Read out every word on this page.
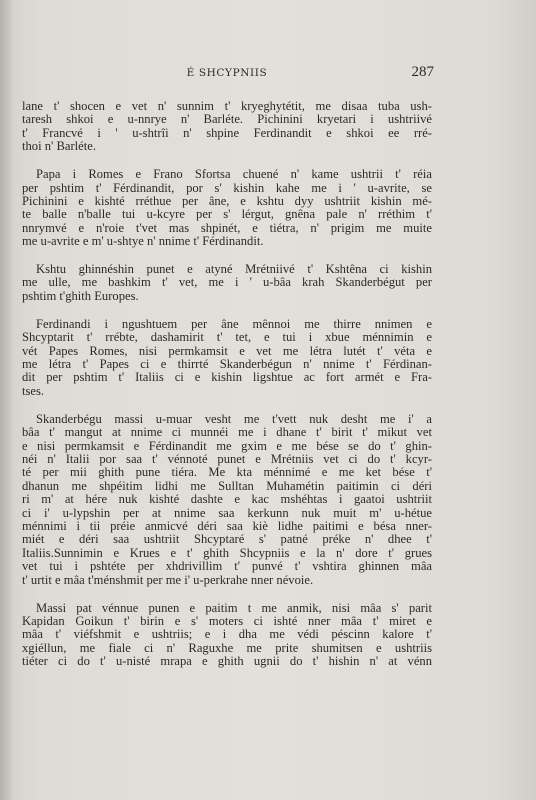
É SHCYPNIIS	287
lane t' shocen e vet n' sunnim t' kryeghytétit, me disaa tuba ush-
taresh shkoi e u-nnrye n' Barléte. Pichinini kryetari i ushtriivé
t' Francvé i ' u-shtrîi n' shpine Ferdinandit e shkoi ee rré-
thoi n' Barléte.
Papa i Romes e Frano Sfortsa chuené n' kame ushtrii t' réia
per pshtim t' Férdinandit, por s' kishin kahe me i ' u-avrite, se
Pichinini e kishté rréthue per âne, e kshtu dyy ushtriit kishin mé-
te balle n'balle tui u-kcyre per s' lérgut, gnêna pale n' rréthim t'
nnrymvé e n'roie t'vet mas shpinét, e tiétra, n' prigim me muite
me u-avrite e m' u-shtye n' nnime t' Férdinandit.
Kshtu ghinnéshin punet e atyné Mrétniivé t' Kshtêna ci kishin
me ulle, me bashkim t' vet, me i ' u-bâa krah Skanderbégut per
pshtim t'ghith Europes.
Ferdinandi i ngushtuem per âne mênnoi me thirre nnimen e
Shcyptarit t' rrébte, dashamirit t' tet, e tui i xbue ménnimin e
vét Papes Romes, nisi permkamsit e vet me létra lutét t' véta e
me létra t' Papes ci e thirrté Skanderbégun n' nnime t' Férdinan-
dit per pshtim t' Italiis ci e kishin ligshtue ac fort armét e Fra-
tses.
Skanderbégu massi u-muar vesht me t'vett nuk desht me i' a
bâa t' mangut at nnime ci munnéi me i dhane t' birit t' mikut vet
e nisi permkamsit e Férdinandit me gxim e me bése se do t' ghin-
néi n' Italii por saa t' vénnoté punet e Mrétniis vet ci do t' kcyr-
té per mii ghith pune tiéra. Me kta ménnimé e me ket bése t'
dhanun me shpéitim lidhi me Sulltan Muhamétin paitimin ci déri
ri m' at hére nuk kishté dashte e kac mshéhtas i gaatoi ushtriit
ci i' u-lypshin per at nnime saa kerkunn nuk muit m' u-hétue
ménnimi i tii préie anmicvé déri saa kiè lidhe paitimi e bésa nner-
miét e déri saa ushtriit Shcyptaré s' patné préke n' dhee t'
Italiis.Sunnimin e Krues e t' ghith Shcypniis e la n' dore t' grues
vet tui i pshtéte per xhdrivillim t' punvé t' vshtira ghinnen mâa
t' urtit e mâa t'ménshmit per me i' u-perkrahe nner névoie.
Massi pat vénnue punen e paitim t me anmik, nisi mâa s' parit
Kapidan Goikun t' birin e s' moters ci ishté nner mâa t' miret e
mâa t' viéfshmit e ushtriis; e i dha me védi péscinn kalore t'
xgiéllun, me fiale ci n' Raguxhe me prite shumitsen e ushtriis
tiéter ci do t' u-nisté mrapa e ghith ugnii do t' hishin n' at vénn
